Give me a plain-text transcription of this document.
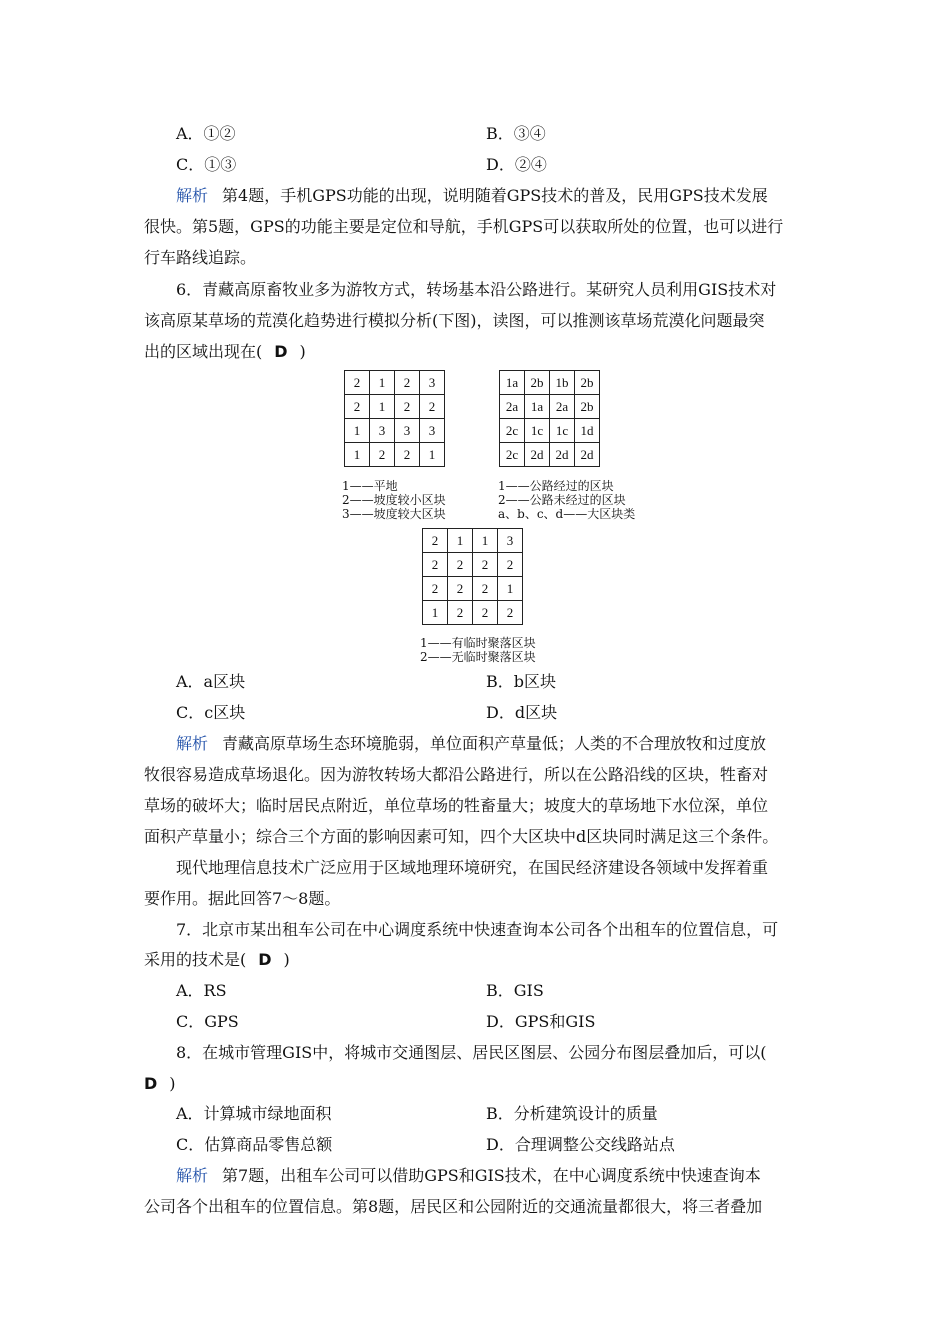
A．①②	B．③④
C．①③	D．②④
解析 第4题，手机GPS功能的出现，说明随着GPS技术的普及，民用GPS技术发展
很快。第5题，GPS的功能主要是定位和导航，手机GPS可以获取所处的位置，也可以进行
行车路线追踪。
6．青藏高原畜牧业多为游牧方式，转场基本沿公路进行。某研究人员利用GIS技术对
该高原某草场的荒漠化趋势进行模拟分析(下图)，读图，可以推测该草场荒漠化问题最突
出的区域出现在( D )
2	1	2	3
2	1	2	2
1	3	3	3
1	2	2	1
1——平地
2——坡度较小区块
3——坡度较大区块
1a	2b	1b	2b
2a	1a	2a	2b
2c	1c	1c	1d
2c	2d	2d	2d
1——公路经过的区块
2——公路未经过的区块
a、b、c、d——大区块类
2	1	1	3
2	2	2	2
2	2	2	1
1	2	2	2
1——有临时聚落区块
2——无临时聚落区块
A．a区块	B．b区块
C．c区块	D．d区块
解析 青藏高原草场生态环境脆弱，单位面积产草量低；人类的不合理放牧和过度放
牧很容易造成草场退化。因为游牧转场大都沿公路进行，所以在公路沿线的区块，牲畜对
草场的破坏大；临时居民点附近，单位草场的牲畜量大；坡度大的草场地下水位深，单位
面积产草量小；综合三个方面的影响因素可知，四个大区块中d区块同时满足这三个条件。
现代地理信息技术广泛应用于区域地理环境研究，在国民经济建设各领域中发挥着重
要作用。据此回答7～8题。
7．北京市某出租车公司在中心调度系统中快速查询本公司各个出租车的位置信息，可
采用的技术是( D )
A．RS	B．GIS
C．GPS	D．GPS和GIS
8．在城市管理GIS中，将城市交通图层、居民区图层、公园分布图层叠加后，可以(
D )
A．计算城市绿地面积	B．分析建筑设计的质量
C．估算商品零售总额	D．合理调整公交线路站点
解析 第7题，出租车公司可以借助GPS和GIS技术，在中心调度系统中快速查询本
公司各个出租车的位置信息。第8题，居民区和公园附近的交通流量都很大，将三者叠加
